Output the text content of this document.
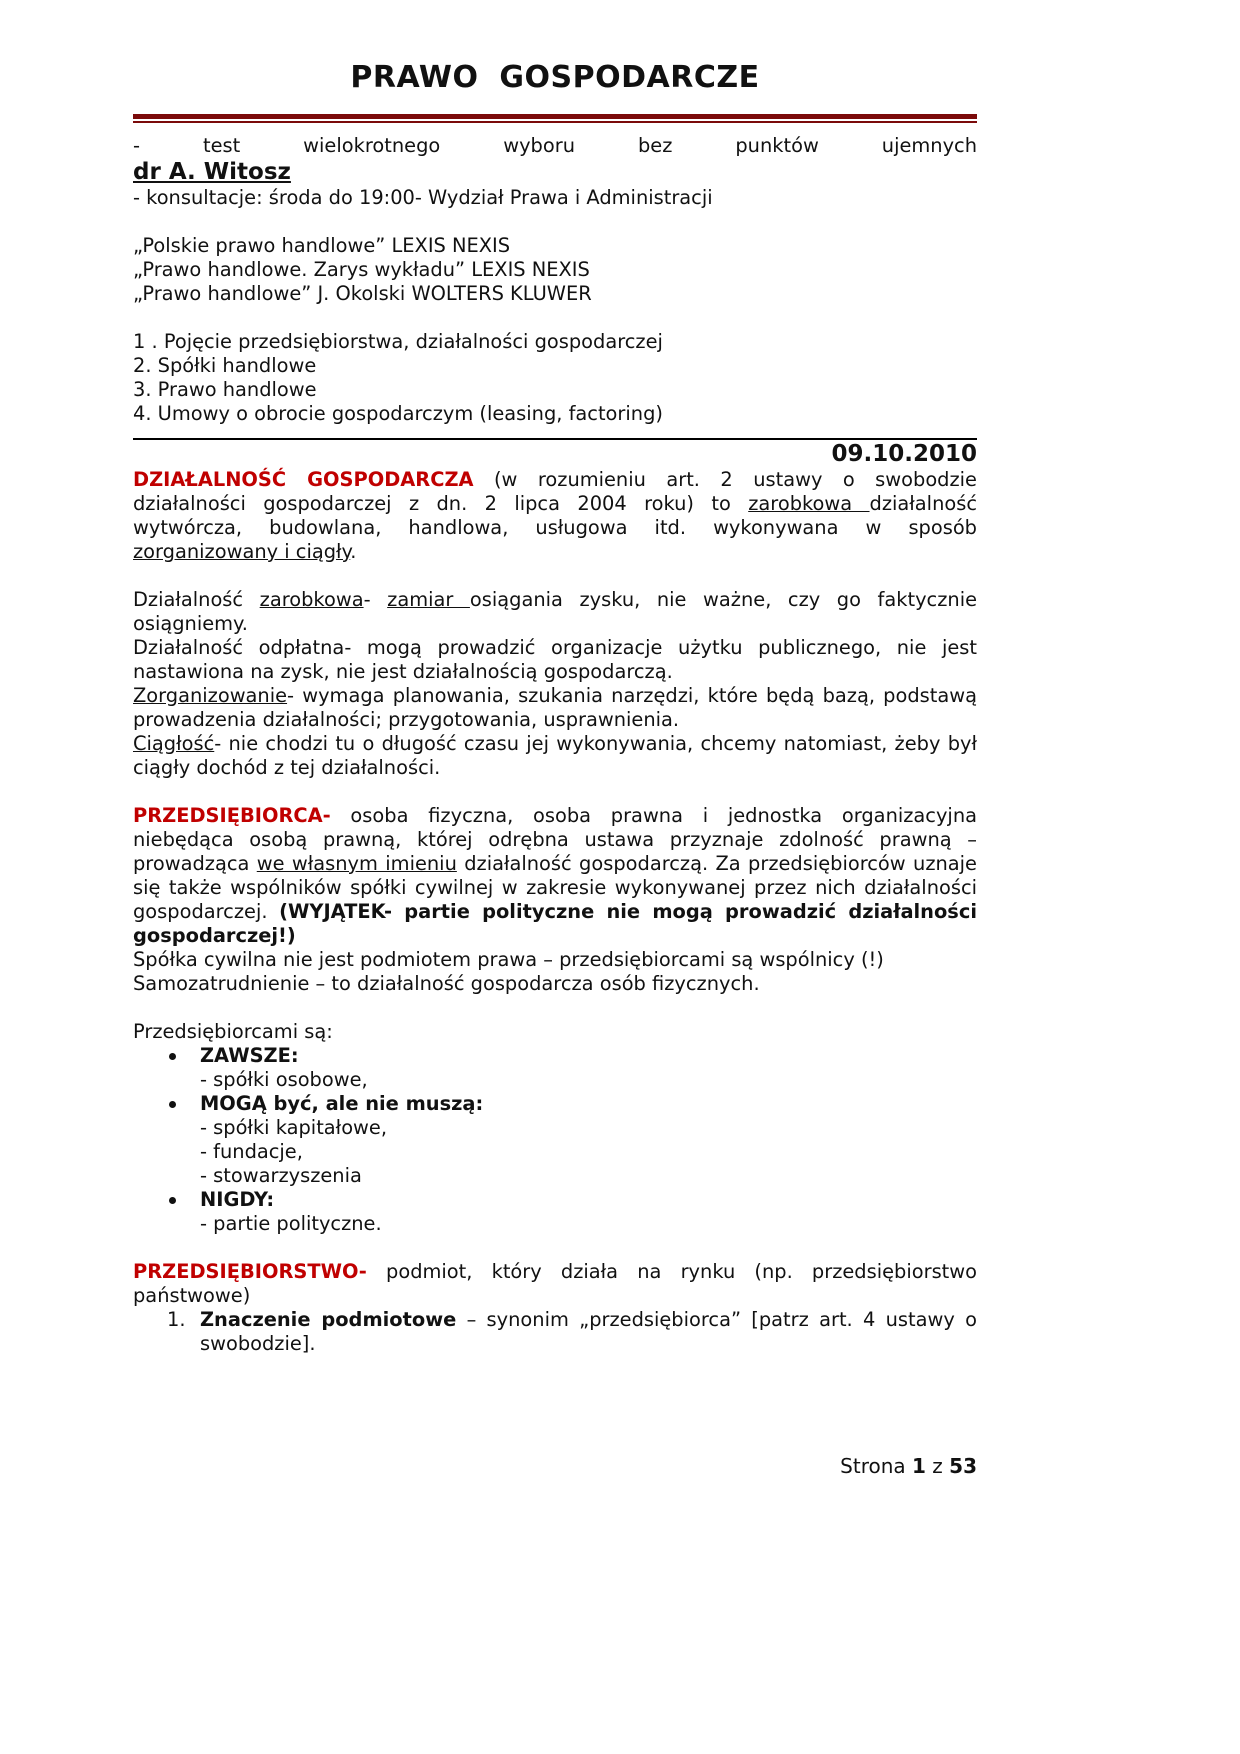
PRAWO GOSPODARCZE

- test wielokrotnego wyboru bez punktów ujemnych

dr A. Witosz

- konsultacje: środa do 19:00- Wydział Prawa i Administracji

„Polskie prawo handlowe” LEXIS NEXIS

„Prawo handlowe. Zarys wykładu” LEXIS NEXIS

„Prawo handlowe” J. Okolski WOLTERS KLUWER

1 . Pojęcie przedsiębiorstwa, działalności gospodarczej

2. Spółki handlowe

3. Prawo handlowe

4. Umowy o obrocie gospodarczym (leasing, factoring)

09.10.2010

DZIAŁALNOŚĆ GOSPODARCZA (w rozumieniu art. 2 ustawy o swobodzie działalności gospodarczej z dn. 2 lipca 2004 roku) to zarobkowa działalność wytwórcza, budowlana, handlowa, usługowa itd. wykonywana w sposób zorganizowany i ciągły.

Działalność zarobkowa- zamiar osiągania zysku, nie ważne, czy go faktycznie osiągniemy.

Działalność odpłatna- mogą prowadzić organizacje użytku publicznego, nie jest nastawiona na zysk, nie jest działalnością gospodarczą.

Zorganizowanie- wymaga planowania, szukania narzędzi, które będą bazą, podstawą prowadzenia działalności; przygotowania, usprawnienia.

Ciągłość- nie chodzi tu o długość czasu jej wykonywania, chcemy natomiast, żeby był ciągły dochód z tej działalności.

PRZEDSIĘBIORCA- osoba fizyczna, osoba prawna i jednostka organizacyjna niebędąca osobą prawną, której odrębna ustawa przyznaje zdolność prawną – prowadząca we własnym imieniu działalność gospodarczą. Za przedsiębiorców uznaje się także wspólników spółki cywilnej w zakresie wykonywanej przez nich działalności gospodarczej. (WYJĄTEK- partie polityczne nie mogą prowadzić działalności gospodarczej!)

Spółka cywilna nie jest podmiotem prawa – przedsiębiorcami są wspólnicy (!)

Samozatrudnienie – to działalność gospodarcza osób fizycznych.

Przedsiębiorcami są:

ZAWSZE:
- spółki osobowe,
MOGĄ być, ale nie muszą:
- spółki kapitałowe,
- fundacje,
- stowarzyszenia
NIGDY:
- partie polityczne.

PRZEDSIĘBIORSTWO- podmiot, który działa na rynku (np. przedsiębiorstwo państwowe)

1. Znaczenie podmiotowe – synonim „przedsiębiorca” [patrz art. 4 ustawy o swobodzie].
Strona 1 z 53
